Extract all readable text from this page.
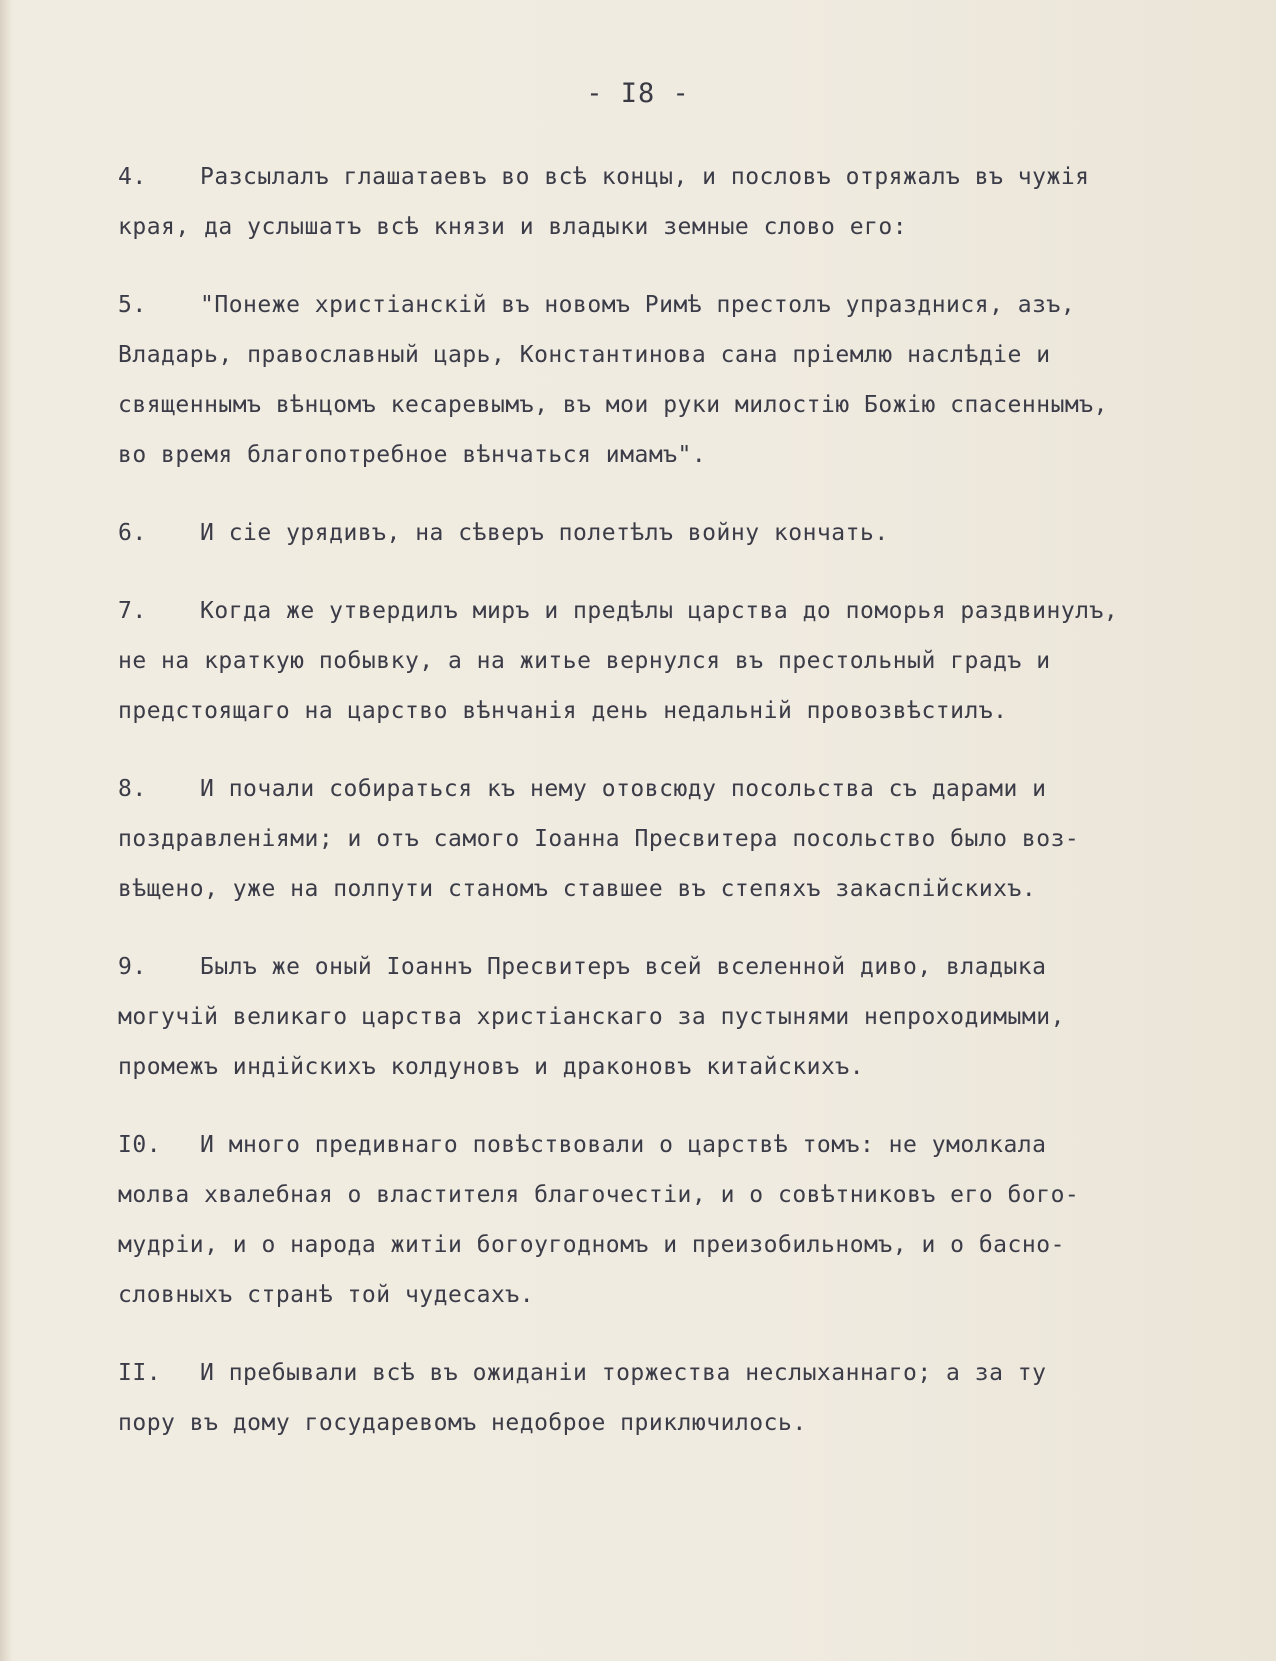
- I8 -

4. Разсылалъ глашатаевъ во всѣ концы, и пословъ отряжалъ въ чужія
края, да услышатъ всѣ князи и владыки земные слово его:

5. "Понеже христіанскій въ новомъ Римѣ престолъ упразднися, азъ,
Владарь, православный царь, Константинова сана пріемлю наслѣдіе и
священнымъ вѣнцомъ кесаревымъ, въ мои руки милостію Божію спасеннымъ,
во время благопотребное вѣнчаться имамъ".

6. И сіе урядивъ, на сѣверъ полетѣлъ войну кончать.

7. Когда же утвердилъ миръ и предѣлы царства до поморья раздвинулъ,
не на краткую побывку, а на житье вернулся въ престольный градъ и
предстоящаго на царство вѣнчанія день недальній провозвѣстилъ.

8. И почали собираться къ нему отовсюду посольства съ дарами и
поздравленіями; и отъ самого Іоанна Пресвитера посольство было воз-
вѣщено, уже на полпути станомъ ставшее въ степяхъ закаспійскихъ.

9. Былъ же оный Іоаннъ Пресвитеръ всей вселенной диво, владыка
могучій великаго царства христіанскаго за пустынями непроходимыми,
промежъ индійскихъ колдуновъ и драконовъ китайскихъ.

I0. И много предивнаго повѣствовали о царствѣ томъ: не умолкала
молва хвалебная о властителя благочестіи, и о совѣтниковъ его бого-
мудріи, и о народа житіи богоугодномъ и преизобильномъ, и о басно-
словныхъ странѣ той чудесахъ.

II. И пребывали всѣ въ ожиданіи торжества неслыханнаго; а за ту
пору въ дому государевомъ недоброе приключилось.
